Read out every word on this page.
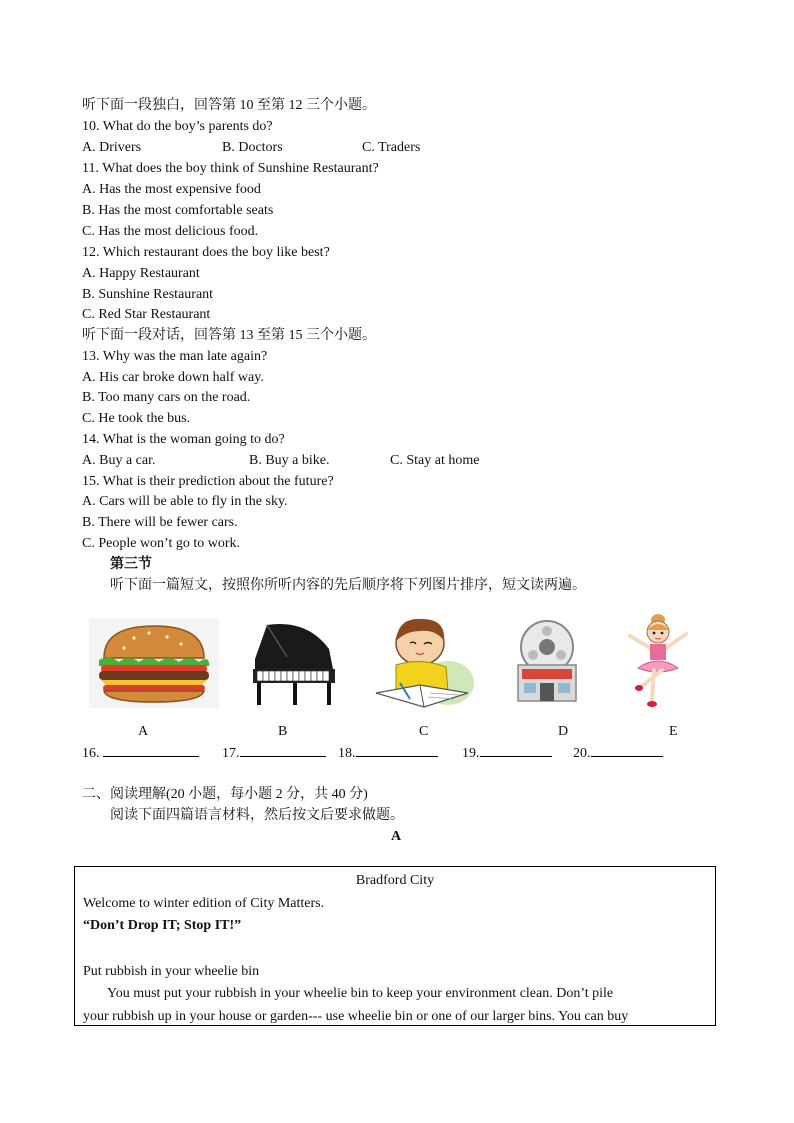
听下面一段独白，回答第 10 至第 12 三个小题。
10. What do the boy’s parents do?
A. Drivers	B. Doctors	C. Traders
11. What does the boy think of Sunshine Restaurant?
A. Has the most expensive food
B. Has the most comfortable seats
C. Has the most delicious food.
12. Which restaurant does the boy like best?
A. Happy Restaurant
B. Sunshine Restaurant
C. Red Star Restaurant
听下面一段对话，回答第 13 至第 15 三个小题。
13. Why was the man late again?
A. His car broke down half way.
B. Too many cars on the road.
C. He took the bus.
14. What is the woman going to do?
A. Buy a car.	B. Buy a bike.	C. Stay at home
15. What is their prediction about the future?
A. Cars will be able to fly in the sky.
B. There will be fewer cars.
C. People won’t go to work.
第三节
听下面一篇短文，按照你所听内容的先后顺序将下列图片排序，短文读两遍。
A	B	C	D	E
16.	17.	18.	19.	20.
二、阅读理解(20 小题，每小题 2 分，共 40 分)
阅读下面四篇语言材料，然后按文后要求做题。
A
Bradford City
Welcome to winter edition of City Matters.
“Don’t Drop IT; Stop IT!”
Put rubbish in your wheelie bin
You must put your rubbish in your wheelie bin to keep your environment clean. Don’t pile
your rubbish up in your house or garden--- use wheelie bin or one of our larger bins. You can buy
